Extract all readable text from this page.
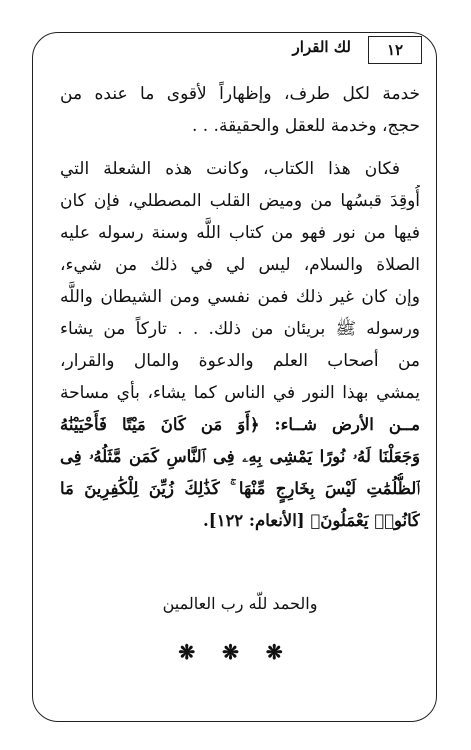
١٢
لك القرار
خدمة لكل طرف، وإظهاراً لأقوى ما عنده من
حجج، وخدمة للعقل والحقيقة. . .
فكان هذا الكتاب، وكانت هذه الشعلة التي
أُوقِدَ قبسُها من وميض القلب المصطلي، فإن كان
فيها من نور فهو من كتاب اللَّه وسنة رسوله عليه
الصلاة والسلام، ليس لي في ذلك من شيء،
وإن كان غير ذلك فمن نفسي ومن الشيطان واللَّه
ورسوله ﷺ بريئان من ذلك. . . تاركاً من يشاء
من أصحاب العلم والدعوة والمال والقرار،
يمشي بهذا النور في الناس كما يشاء، بأي مساحة
مــن الأرض شــاء: ﴿أَوَ مَن كَانَ مَيْتًا فَأَحْيَيْنَٰهُ
وَجَعَلْنَا لَهُۥ نُورًا يَمْشِى بِهِۦ فِى ٱلنَّاسِ كَمَن مَّثَلُهُۥ فِى
ٱلظُّلُمَٰتِ لَيْسَ بِخَارِجٍ مِّنْهَا ۚ كَذَٰلِكَ زُيِّنَ لِلْكَٰفِرِينَ مَا
كَانُوا۟ يَعْمَلُونَ﴾ [الأنعام: ١٢٢].
والحمد للّه رب العالمين
❋ ❋ ❋
